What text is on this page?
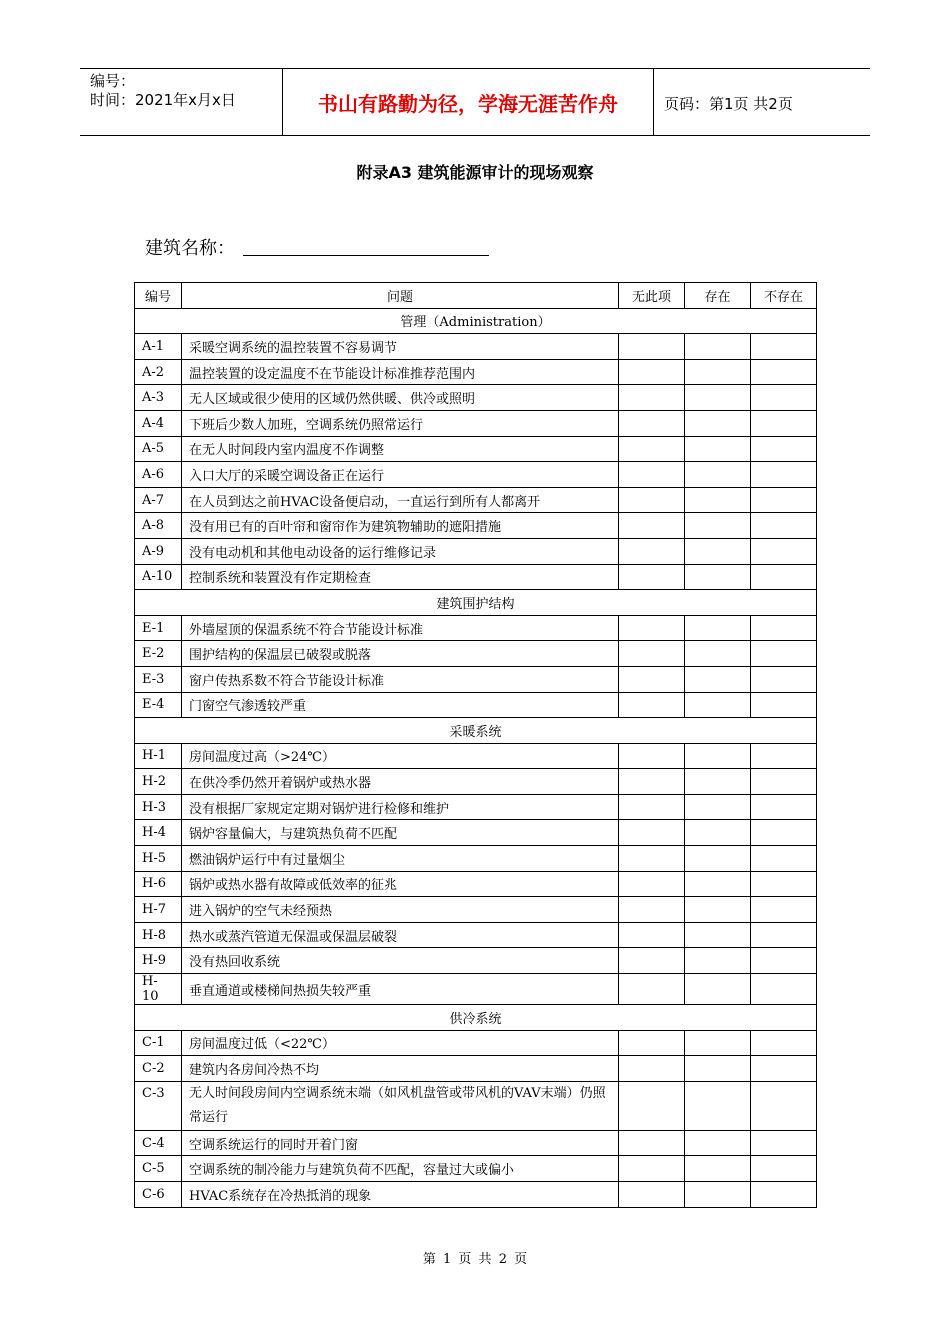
编号：
时间：2021年x月x日	书山有路勤为径，学海无涯苦作舟	页码：第1页 共2页
附录A3 建筑能源审计的现场观察
建筑名称：
编号	问题	无此项	存在	不存在
管理（Administration）				
A-1	采暖空调系统的温控装置不容易调节			
A-2	温控装置的设定温度不在节能设计标准推荐范围内			
A-3	无人区域或很少使用的区域仍然供暖、供冷或照明			
A-4	下班后少数人加班，空调系统仍照常运行			
A-5	在无人时间段内室内温度不作调整			
A-6	入口大厅的采暖空调设备正在运行			
A-7	在人员到达之前HVAC设备便启动，一直运行到所有人都离开			
A-8	没有用已有的百叶帘和窗帘作为建筑物辅助的遮阳措施			
A-9	没有电动机和其他电动设备的运行维修记录			
A-10	控制系统和装置没有作定期检查			
建筑围护结构				
E-1	外墙屋顶的保温系统不符合节能设计标准			
E-2	围护结构的保温层已破裂或脱落			
E-3	窗户传热系数不符合节能设计标准			
E-4	门窗空气渗透较严重			
采暖系统				
H-1	房间温度过高（>24℃）			
H-2	在供冷季仍然开着锅炉或热水器			
H-3	没有根据厂家规定定期对锅炉进行检修和维护			
H-4	锅炉容量偏大，与建筑热负荷不匹配			
H-5	燃油锅炉运行中有过量烟尘			
H-6	锅炉或热水器有故障或低效率的征兆			
H-7	进入锅炉的空气未经预热			
H-8	热水或蒸汽管道无保温或保温层破裂			
H-9	没有热回收系统			
H-10	垂直通道或楼梯间热损失较严重			
供冷系统				
C-1	房间温度过低（<22℃）			
C-2	建筑内各房间冷热不均			
C-3	无人时间段房间内空调系统末端（如风机盘管或带风机的VAV末端）仍照常运行			
C-4	空调系统运行的同时开着门窗			
C-5	空调系统的制冷能力与建筑负荷不匹配，容量过大或偏小			
C-6	HVAC系统存在冷热抵消的现象			
第 1 页 共 2 页
